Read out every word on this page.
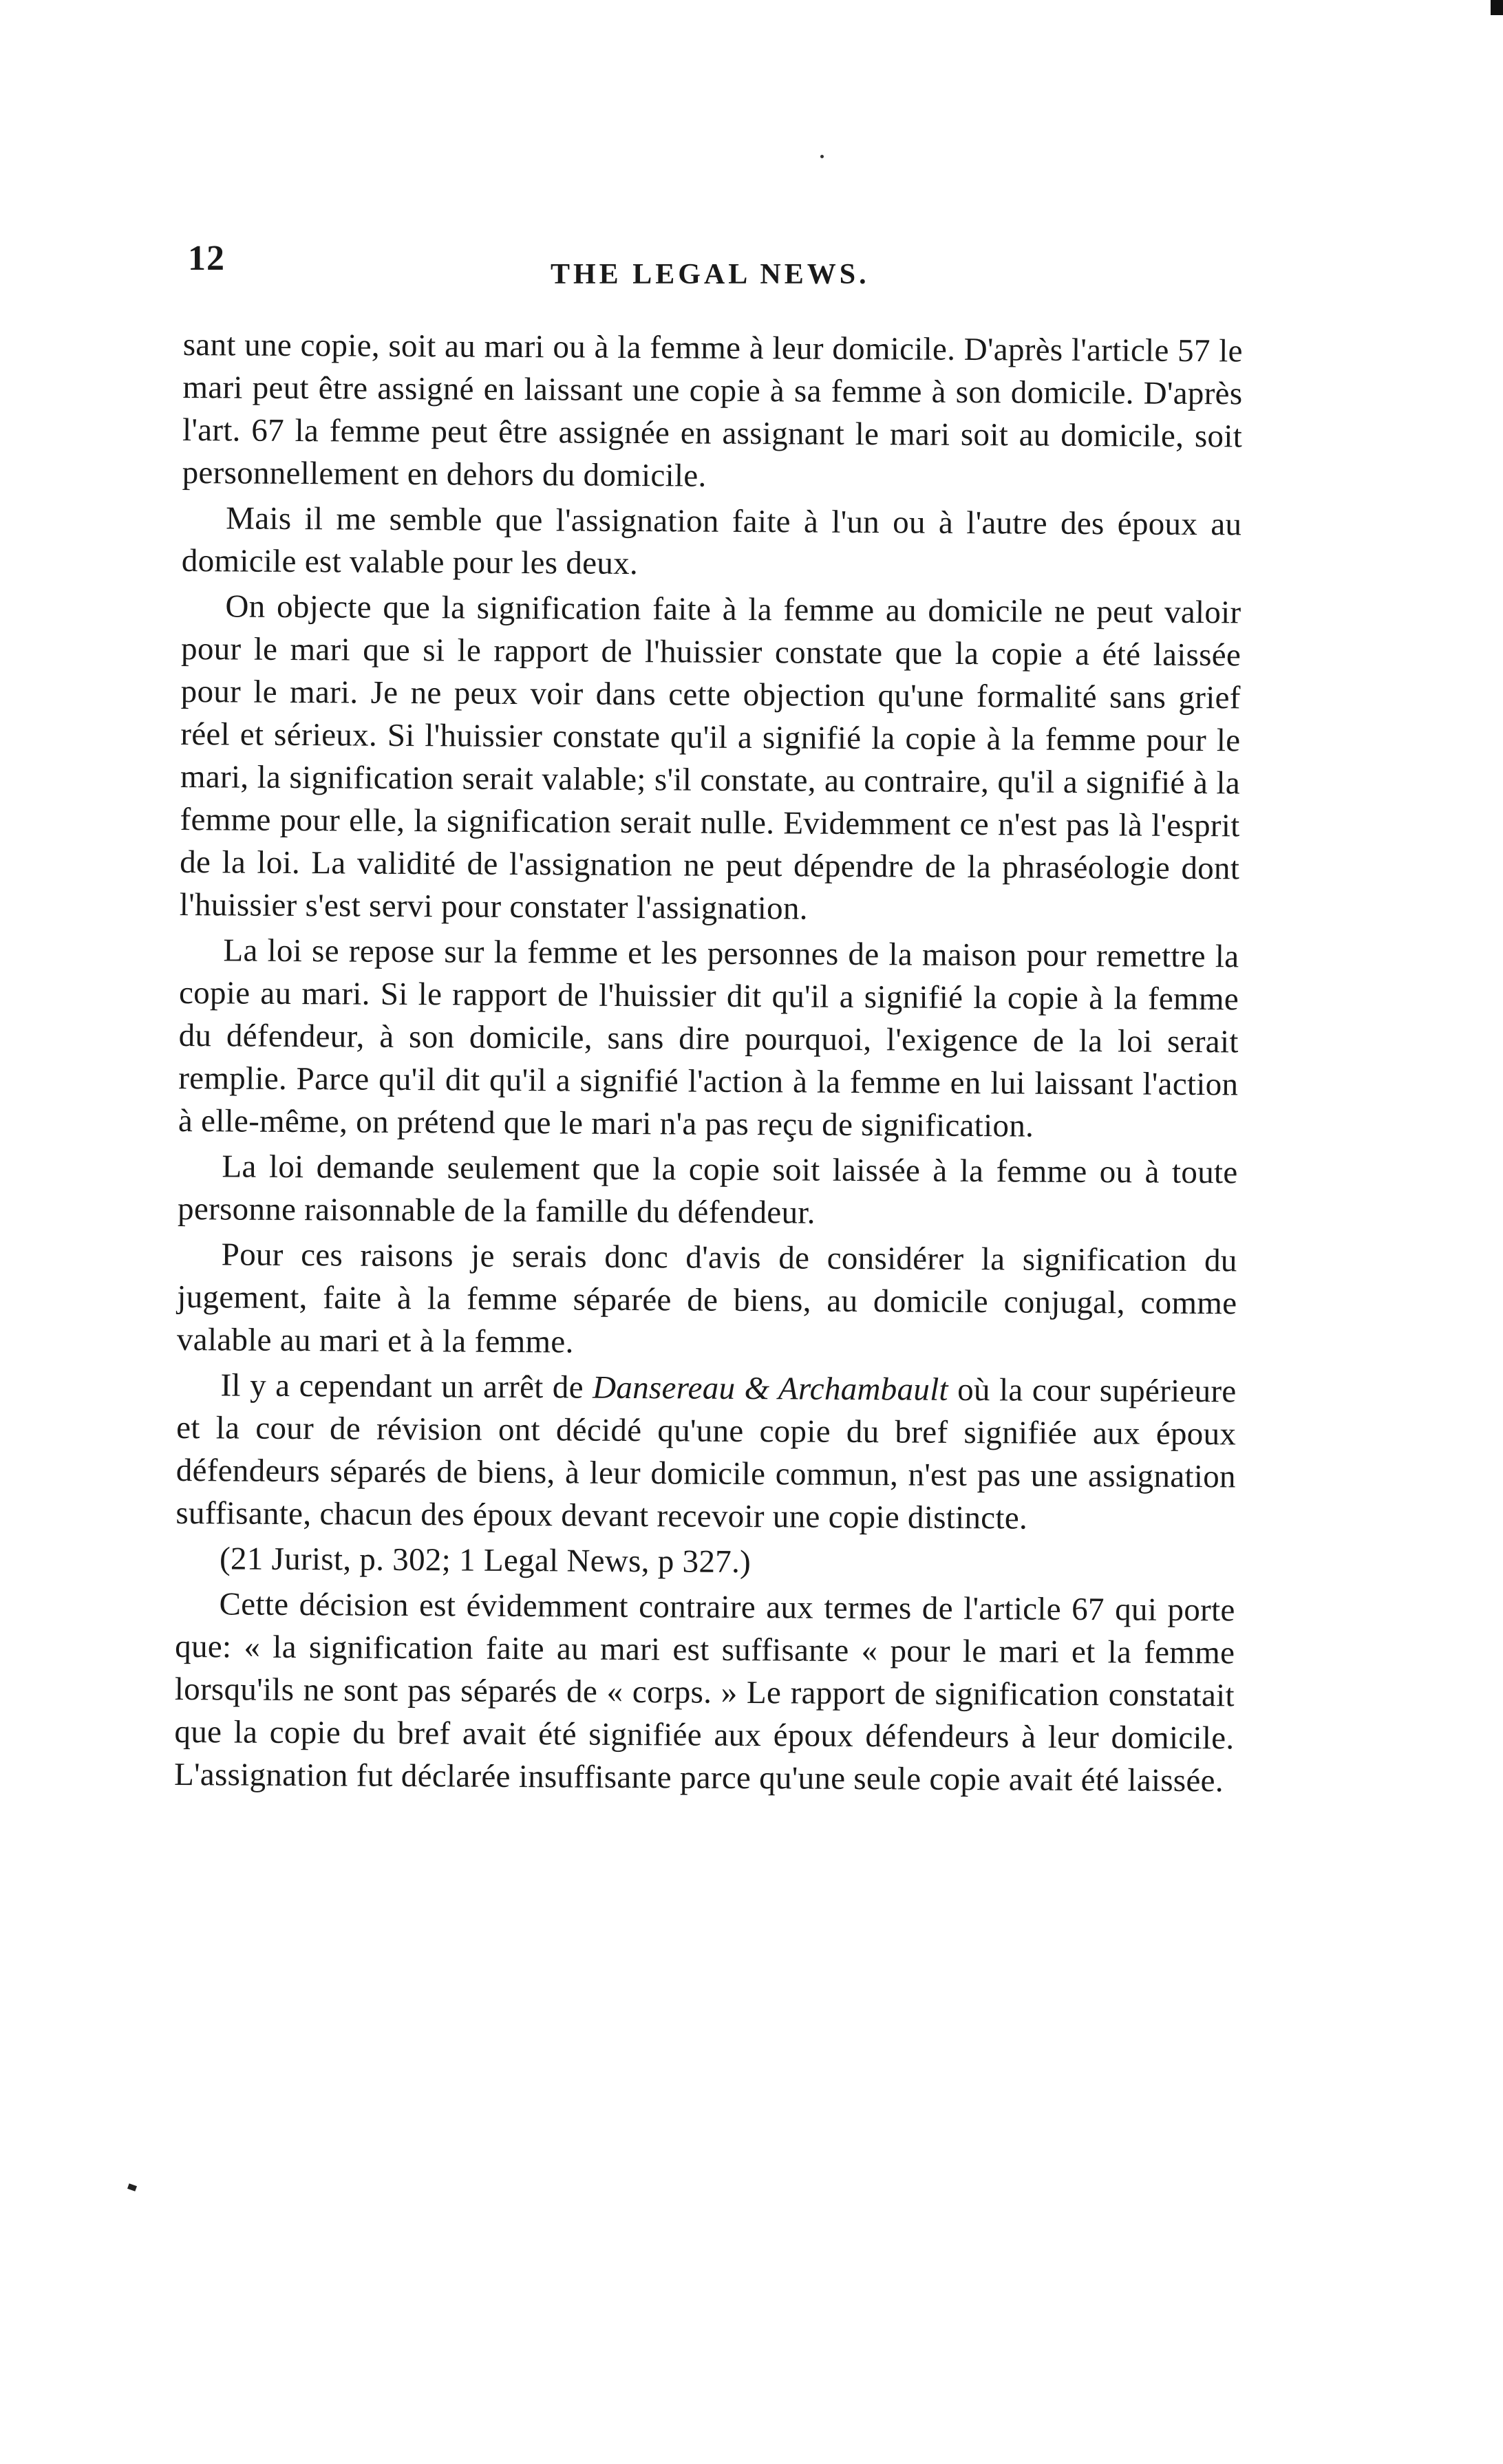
12	THE LEGAL NEWS.

sant une copie, soit au mari ou à la femme à leur domicile. D'après l'article 57 le mari peut être assigné en laissant une copie à sa femme à son domicile. D'après l'art. 67 la femme peut être assignée en assignant le mari soit au domicile, soit personnellement en dehors du domicile.

Mais il me semble que l'assignation faite à l'un ou à l'autre des époux au domicile est valable pour les deux.

On objecte que la signification faite à la femme au domicile ne peut valoir pour le mari que si le rapport de l'huissier constate que la copie a été laissée pour le mari. Je ne peux voir dans cette objection qu'une formalité sans grief réel et sérieux. Si l'huissier constate qu'il a signifié la copie à la femme pour le mari, la signification serait valable; s'il constate, au contraire, qu'il a signifié à la femme pour elle, la signification serait nulle. Evidemment ce n'est pas là l'esprit de la loi. La validité de l'assignation ne peut dépendre de la phraséologie dont l'huissier s'est servi pour constater l'assignation.

La loi se repose sur la femme et les personnes de la maison pour remettre la copie au mari. Si le rapport de l'huissier dit qu'il a signifié la copie à la femme du défendeur, à son domicile, sans dire pourquoi, l'exigence de la loi serait remplie. Parce qu'il dit qu'il a signifié l'action à la femme en lui laissant l'action à elle-même, on prétend que le mari n'a pas reçu de signification.

La loi demande seulement que la copie soit laissée à la femme ou à toute personne raisonnable de la famille du défendeur.

Pour ces raisons je serais donc d'avis de considérer la signification du jugement, faite à la femme séparée de biens, au domicile conjugal, comme valable au mari et à la femme.

Il y a cependant un arrêt de Dansereau & Archambault où la cour supérieure et la cour de révision ont décidé qu'une copie du bref signifiée aux époux défendeurs séparés de biens, à leur domicile commun, n'est pas une assignation suffisante, chacun des époux devant recevoir une copie distincte.

(21 Jurist, p. 302; 1 Legal News, p 327.)

Cette décision est évidemment contraire aux termes de l'article 67 qui porte que: « la signification faite au mari est suffisante « pour le mari et la femme lorsqu'ils ne sont pas séparés de « corps. » Le rapport de signification constatait que la copie du bref avait été signifiée aux époux défendeurs à leur domicile. L'assignation fut déclarée insuffisante parce qu'une seule copie avait été laissée.
